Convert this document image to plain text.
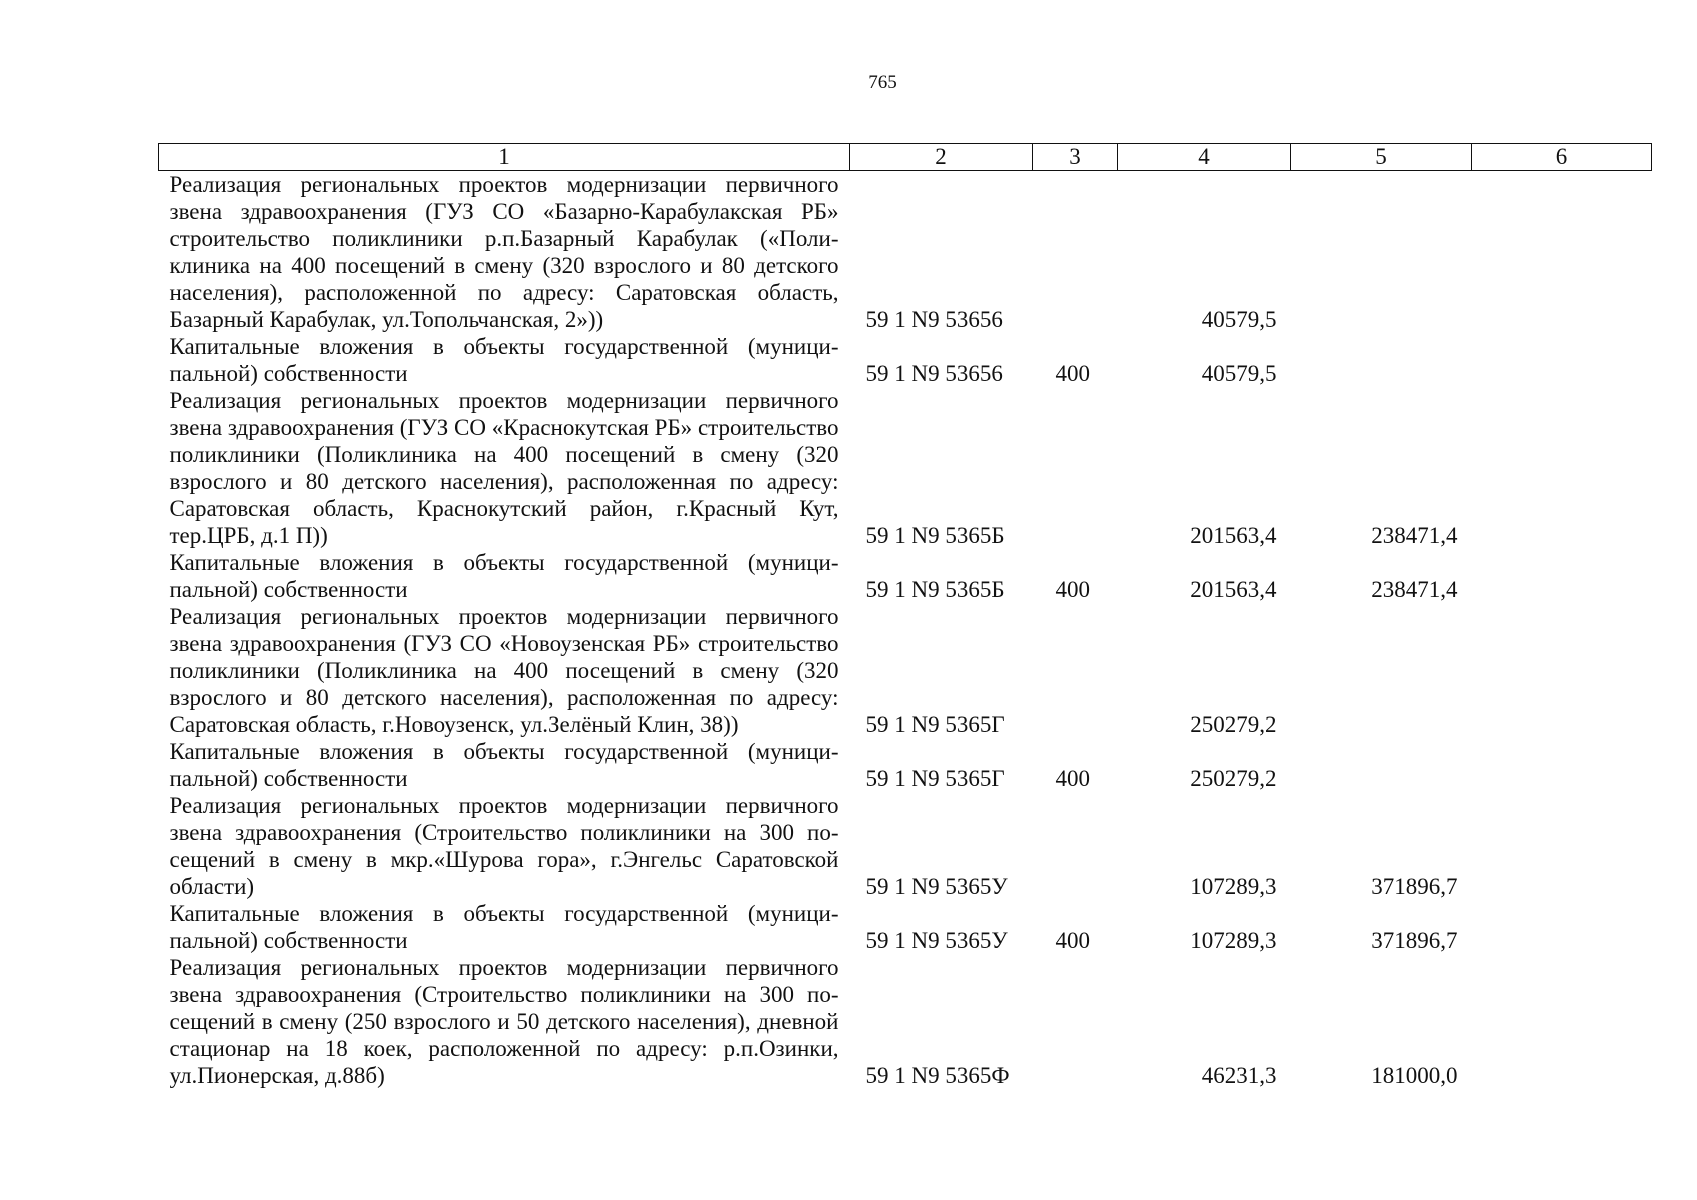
765
1	2	3	4	5	6
Реализация региональных проектов модернизации первичного звена здравоохранения (ГУЗ СО «Базарно-Карабулакская РБ» строительство поликлиники р.п.Базарный Карабулак («Поликлиника на 400 посещений в смену (320 взрослого и 80 детского населения), расположенной по адресу: Саратовская область, Базарный Карабулак, ул.Топольчанская, 2»))	59 1 N9 53656		40579,5		
Капитальные вложения в объекты государственной (муниципальной) собственности	59 1 N9 53656	400	40579,5		
Реализация региональных проектов модернизации первичного звена здравоохранения (ГУЗ СО «Краснокутская РБ» строительство поликлиники (Поликлиника на 400 посещений в смену (320 взрослого и 80 детского населения), расположенная по адресу: Саратовская область, Краснокутский район, г.Красный Кут, тер.ЦРБ, д.1 П))	59 1 N9 5365Б		201563,4	238471,4	
Капитальные вложения в объекты государственной (муниципальной) собственности	59 1 N9 5365Б	400	201563,4	238471,4	
Реализация региональных проектов модернизации первичного звена здравоохранения (ГУЗ СО «Новоузенская РБ» строительство поликлиники (Поликлиника на 400 посещений в смену (320 взрослого и 80 детского населения), расположенная по адресу: Саратовская область, г.Новоузенск, ул.Зелёный Клин, 38))	59 1 N9 5365Г		250279,2		
Капитальные вложения в объекты государственной (муниципальной) собственности	59 1 N9 5365Г	400	250279,2		
Реализация региональных проектов модернизации первичного звена здравоохранения (Строительство поликлиники на 300 посещений в смену в мкр.«Шурова гора», г.Энгельс Саратовской области)	59 1 N9 5365У		107289,3	371896,7	
Капитальные вложения в объекты государственной (муниципальной) собственности	59 1 N9 5365У	400	107289,3	371896,7	
Реализация региональных проектов модернизации первичного звена здравоохранения (Строительство поликлиники на 300 посещений в смену (250 взрослого и 50 детского населения), дневной стационар на 18 коек, расположенной по адресу: р.п.Озинки, ул.Пионерская, д.88б)	59 1 N9 5365Ф		46231,3	181000,0	
